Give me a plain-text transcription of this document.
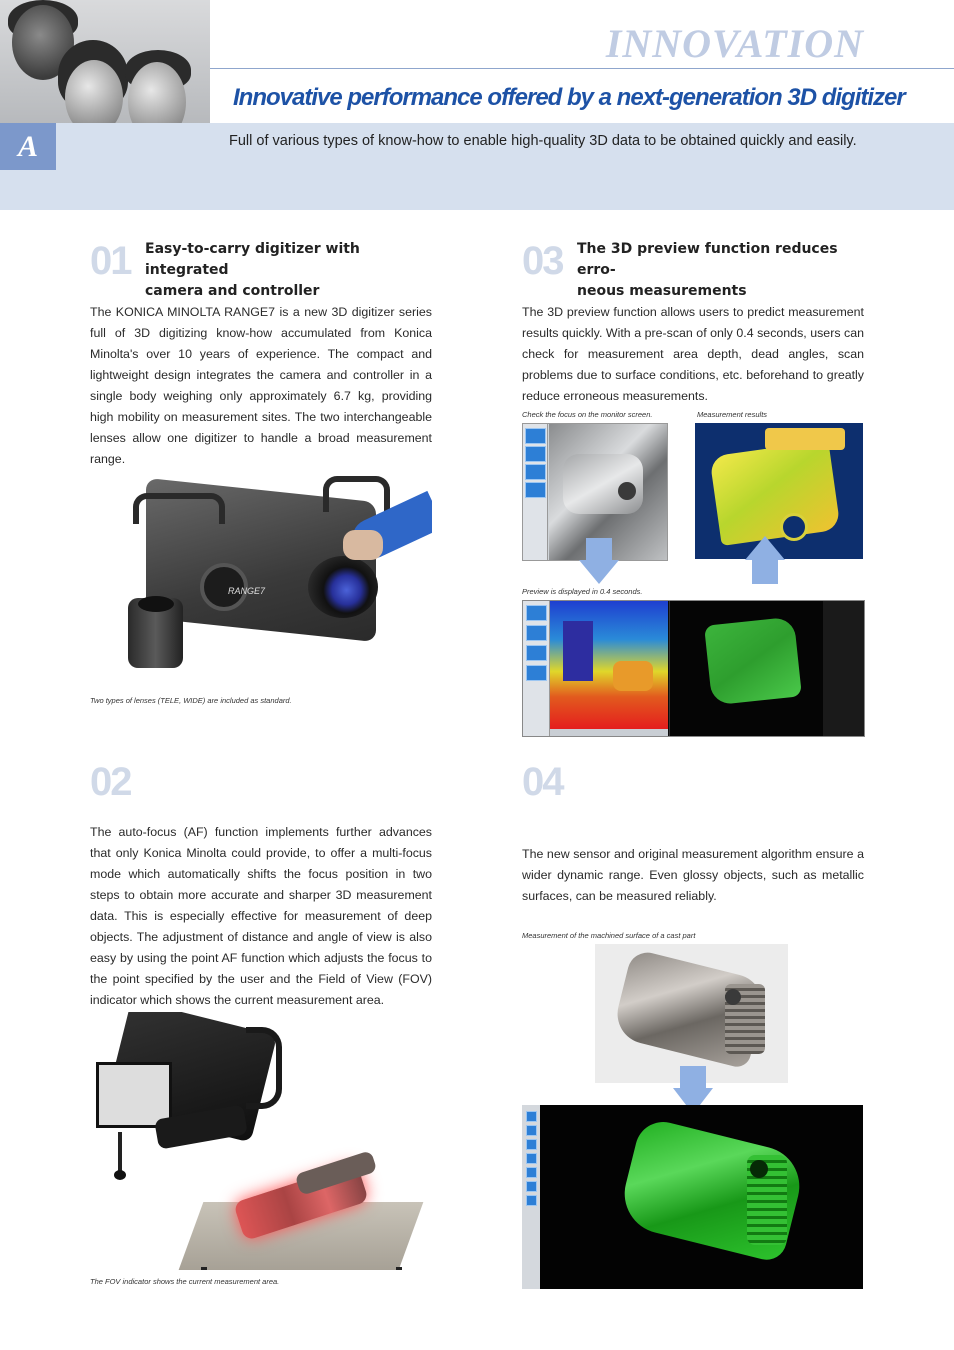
A
INNOVATION
Innovative performance offered by a next-generation 3D digitizer
Full of various types of know-how to enable high-quality 3D data to be obtained quickly and easily.
01 Easy-to-carry digitizer with integrated
camera and controller
The KONICA MINOLTA RANGE7 is a new 3D digitizer series full of 3D digitizing know-how accumulated from Konica Minolta's over 10 years of experience. The compact and lightweight design integrates the camera and controller in a single body weighing only approximately 6.7 kg, providing high mobility on measurement sites. The two interchangeable lenses allow one digitizer to handle a broad measurement range.
RANGE7
Two types of lenses (TELE, WIDE) are included as standard.
02
The auto-focus (AF) function implements further advances that only Konica Minolta could provide, to offer a multi-focus mode which automatically shifts the focus position in two steps to obtain more accurate and sharper 3D measurement data. This is especially effective for measurement of deep objects. The adjustment of distance and angle of view is also easy by using the point AF function which adjusts the focus to the point specified by the user and the Field of View (FOV) indicator which shows the current measurement area.
The FOV indicator shows the current measurement area.
03 The 3D preview function reduces erro-
neous measurements
The 3D preview function allows users to predict measurement results quickly. With a pre-scan of only 0.4 seconds, users can check for measurement area depth, dead angles, scan problems due to surface conditions, etc. beforehand to greatly reduce erroneous measurements.
Check the focus on the monitor screen.	Measurement results
Preview is displayed in 0.4 seconds.
04
The new sensor and original measurement algorithm ensure a wider dynamic range. Even glossy objects, such as metallic surfaces, can be measured reliably.
Measurement of the machined surface of a cast part
